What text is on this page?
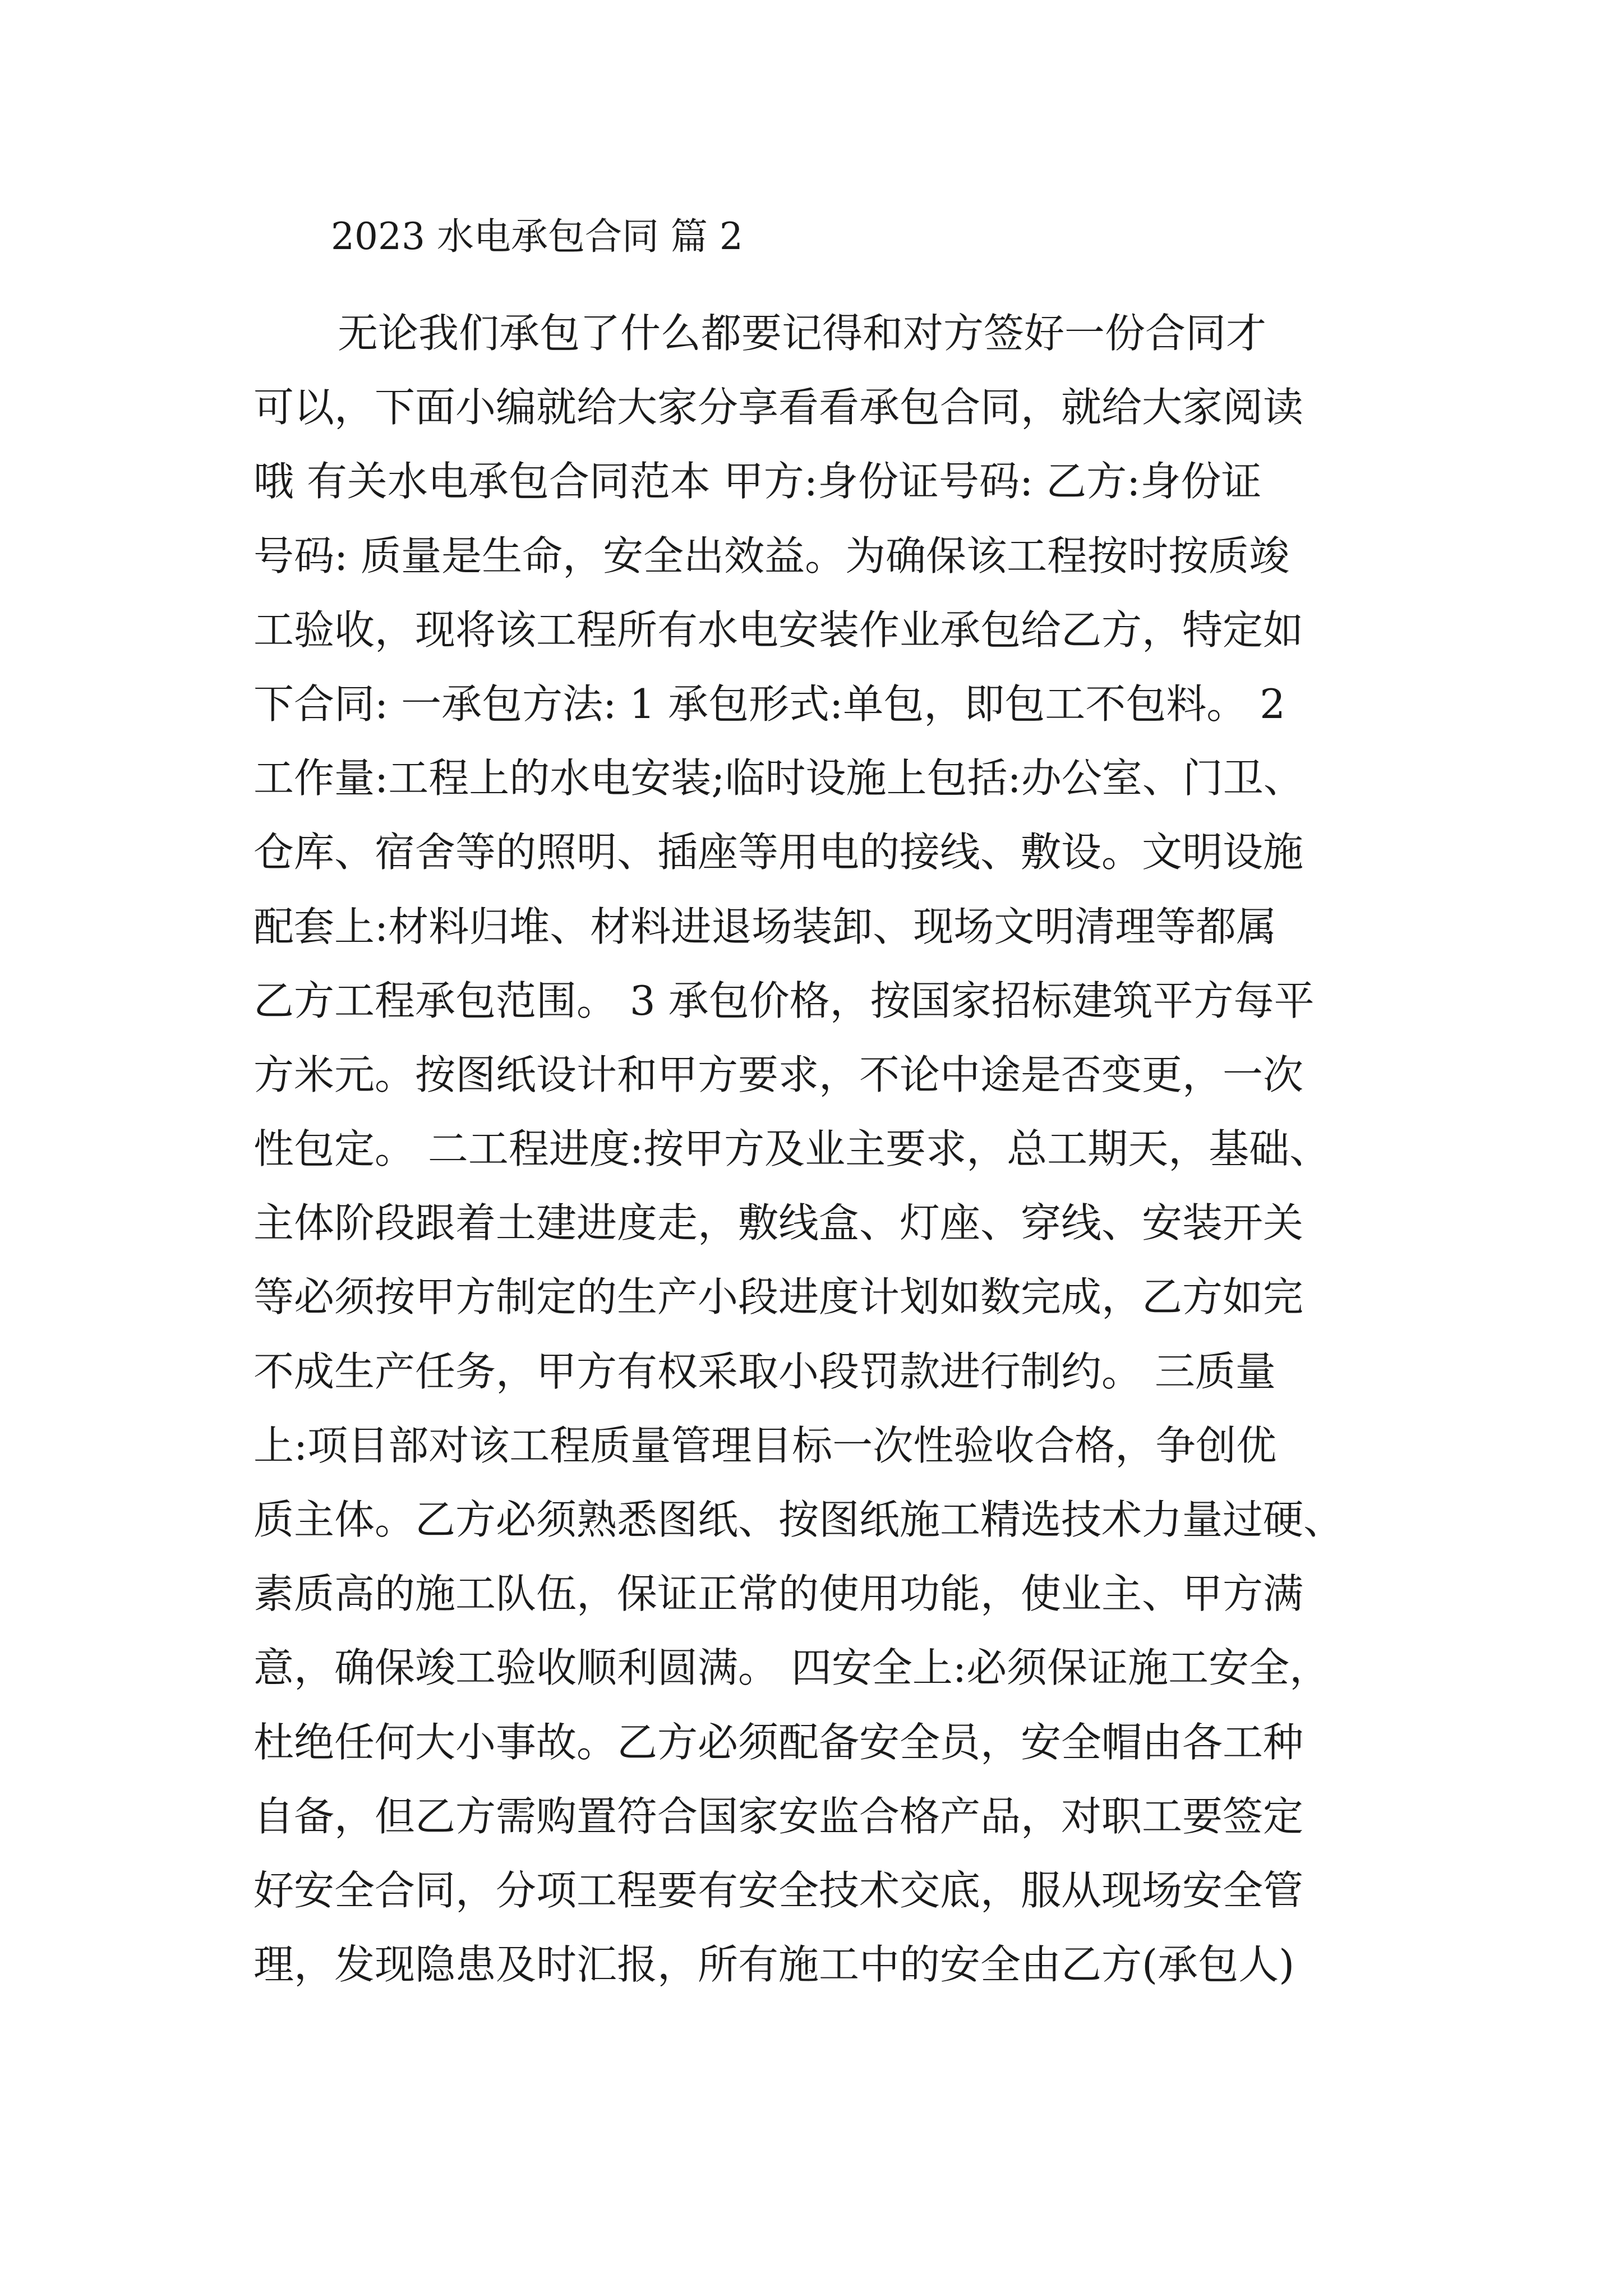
2023 水电承包合同 篇 2
无论我们承包了什么都要记得和对方签好一份合同才
可以，下面小编就给大家分享看看承包合同，就给大家阅读
哦 有关水电承包合同范本 甲方:身份证号码: 乙方:身份证
号码: 质量是生命，安全出效益。为确保该工程按时按质竣
工验收，现将该工程所有水电安装作业承包给乙方，特定如
下合同: 一承包方法: 1 承包形式:单包，即包工不包料。 2
工作量:工程上的水电安装;临时设施上包括:办公室、门卫、
仓库、宿舍等的照明、插座等用电的接线、敷设。文明设施
配套上:材料归堆、材料进退场装卸、现场文明清理等都属
乙方工程承包范围。 3 承包价格，按国家招标建筑平方每平
方米元。按图纸设计和甲方要求，不论中途是否变更，一次
性包定。 二工程进度:按甲方及业主要求，总工期天，基础、
主体阶段跟着土建进度走，敷线盒、灯座、穿线、安装开关
等必须按甲方制定的生产小段进度计划如数完成，乙方如完
不成生产任务，甲方有权采取小段罚款进行制约。 三质量
上:项目部对该工程质量管理目标一次性验收合格，争创优
质主体。乙方必须熟悉图纸、按图纸施工精选技术力量过硬、
素质高的施工队伍，保证正常的使用功能，使业主、甲方满
意，确保竣工验收顺利圆满。 四安全上:必须保证施工安全，
杜绝任何大小事故。乙方必须配备安全员，安全帽由各工种
自备，但乙方需购置符合国家安监合格产品，对职工要签定
好安全合同，分项工程要有安全技术交底，服从现场安全管
理，发现隐患及时汇报，所有施工中的安全由乙方(承包人)
